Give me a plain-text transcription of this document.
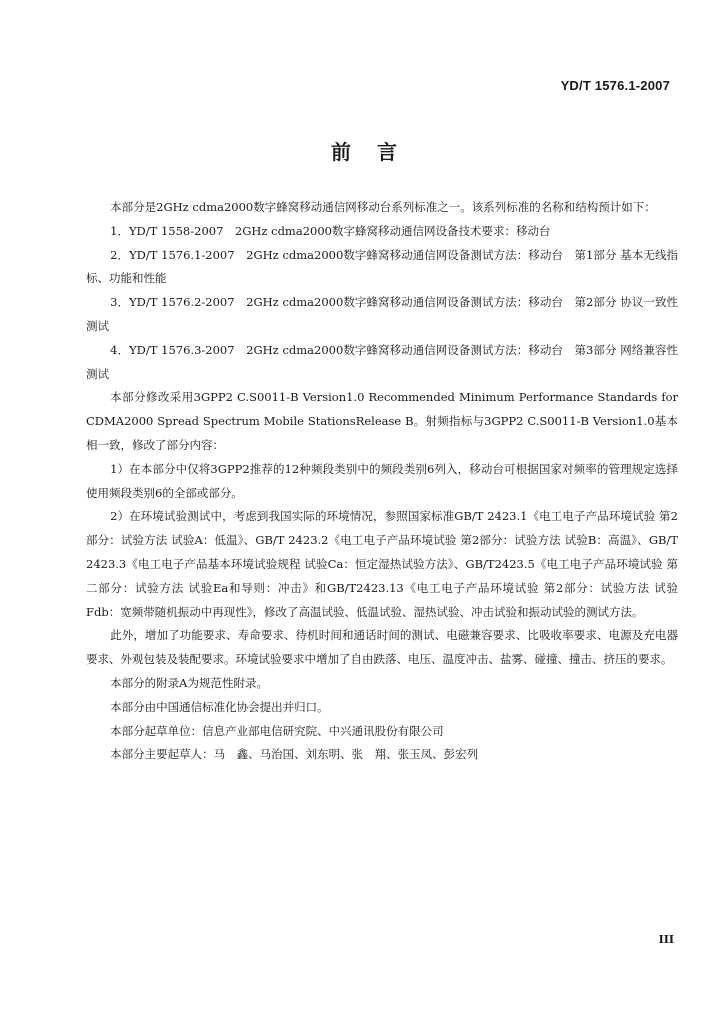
YD/T 1576.1-2007
前言

本部分是2GHz cdma2000数字蜂窝移动通信网移动台系列标准之一。该系列标准的名称和结构预计如下：

1．YD/T 1558-2007　2GHz cdma2000数字蜂窝移动通信网设备技术要求：移动台

2．YD/T 1576.1-2007　2GHz cdma2000数字蜂窝移动通信网设备测试方法：移动台　第1部分 基本无线指标、功能和性能

3．YD/T 1576.2-2007　2GHz cdma2000数字蜂窝移动通信网设备测试方法：移动台　第2部分 协议一致性测试

4．YD/T 1576.3-2007　2GHz cdma2000数字蜂窝移动通信网设备测试方法：移动台　第3部分 网络兼容性测试

本部分修改采用3GPP2 C.S0011-B Version1.0 Recommended Minimum Performance Standards for CDMA2000 Spread Spectrum Mobile StationsRelease B。射频指标与3GPP2 C.S0011-B Version1.0基本相一致，修改了部分内容：

1）在本部分中仅将3GPP2推荐的12种频段类别中的频段类别6列入，移动台可根据国家对频率的管理规定选择使用频段类别6的全部或部分。

2）在环境试验测试中，考虑到我国实际的环境情况，参照国家标准GB/T 2423.1《电工电子产品环境试验 第2部分：试验方法 试验A：低温》、GB/T 2423.2《电工电子产品环境试验 第2部分：试验方法 试验B：高温》、GB/T 2423.3《电工电子产品基本环境试验规程 试验Ca：恒定湿热试验方法》、GB/T2423.5《电工电子产品环境试验 第二部分：试验方法 试验Ea和导则：冲击》和GB/T2423.13《电工电子产品环境试验 第2部分：试验方法 试验Fdb：宽频带随机振动中再现性》，修改了高温试验、低温试验、湿热试验、冲击试验和振动试验的测试方法。

此外，增加了功能要求、寿命要求、待机时间和通话时间的测试、电磁兼容要求、比吸收率要求、电源及充电器要求、外观包装及装配要求。环境试验要求中增加了自由跌落、电压、温度冲击、盐雾、碰撞、撞击、挤压的要求。

本部分的附录A为规范性附录。

本部分由中国通信标准化协会提出并归口。

本部分起草单位：信息产业部电信研究院、中兴通讯股份有限公司

本部分主要起草人：马　鑫、马治国、刘东明、张　翔、张玉凤、彭宏列

III
